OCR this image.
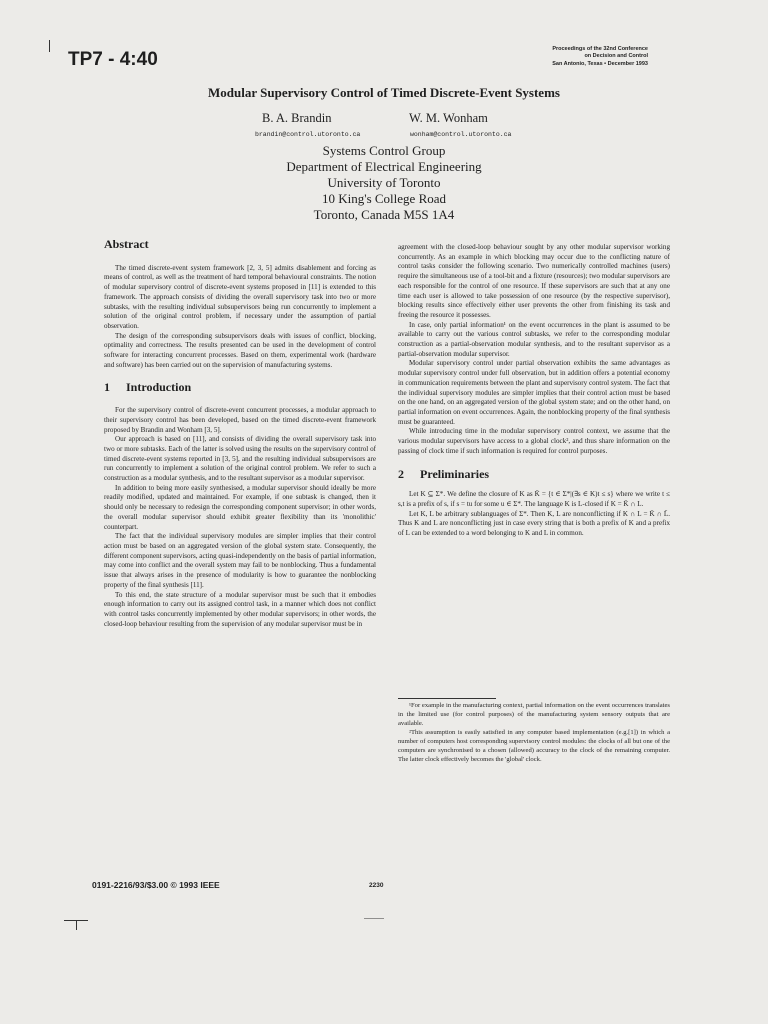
TP7 - 4:40	Proceedings of the 32nd Conference
on Decision and Control
San Antonio, Texas • December 1993
Modular Supervisory Control of Timed Discrete-Event Systems
B. A. Brandin	W. M. Wonham
brandin@control.utoronto.ca	wonham@control.utoronto.ca
Systems Control Group
Department of Electrical Engineering
University of Toronto
10 King's College Road
Toronto, Canada M5S 1A4
Abstract

The timed discrete-event system framework [2, 3, 5] admits disablement and forcing as means of control, as well as the treatment of hard temporal behavioural constraints. The notion of modular supervisory control of discrete-event systems proposed in [11] is extended to this framework. The approach consists of dividing the overall supervisory task into two or more subtasks, with the resulting individual subsupervisors being run concurrently to implement a solution of the original control problem, if necessary under the assumption of partial observation.

The design of the corresponding subsupervisors deals with issues of conflict, blocking, optimality and correctness. The results presented can be used in the development of control software for interacting concurrent processes. Based on them, experimental work (hardware and software) has been carried out on the supervision of manufacturing systems.

1 Introduction

For the supervisory control of discrete-event concurrent processes, a modular approach to their supervisory control has been developed, based on the timed discrete-event framework proposed by Brandin and Wonham [3, 5].

Our approach is based on [11], and consists of dividing the overall supervisory task into two or more subtasks. Each of the latter is solved using the results on the supervisory control of timed discrete-event systems reported in [3, 5], and the resulting individual subsupervisors are run concurrently to implement a solution of the original control problem. We refer to such a construction as a modular synthesis, and to the resultant supervisor as a modular supervisor.

In addition to being more easily synthesised, a modular supervisor should ideally be more readily modified, updated and maintained. For example, if one subtask is changed, then it should only be necessary to redesign the corresponding component supervisor; in other words, the overall modular supervisor should exhibit greater flexibility than its 'monolithic' counterpart.

The fact that the individual supervisory modules are simpler implies that their control action must be based on an aggregated version of the global system state. Consequently, the different component supervisors, acting quasi-independently on the basis of partial information, may come into conflict and the overall system may fail to be nonblocking. Thus a fundamental issue that always arises in the presence of modularity is how to guarantee the nonblocking property of the final synthesis [11].

To this end, the state structure of a modular supervisor must be such that it embodies enough information to carry out its assigned control task, in a manner which does not conflict with control tasks concurrently implemented by other modular supervisors; in other words, the closed-loop behaviour resulting from the supervision of any modular supervisor must be in

agreement with the closed-loop behaviour sought by any other modular supervisor working concurrently. As an example in which blocking may occur due to the conflicting nature of control tasks consider the following scenario. Two numerically controlled machines (users) require the simultaneous use of a tool-bit and a fixture (resources); two modular supervisors are each responsible for the control of one resource. If these supervisors are such that at any one time each user is allowed to take possession of one resource (by the respective supervisor), blocking results since effectively either user prevents the other from finishing its task and freeing the resource it possesses.

In case, only partial information¹ on the event occurrences in the plant is assumed to be available to carry out the various control subtasks, we refer to the corresponding modular construction as a partial-observation modular synthesis, and to the resultant supervisor as a partial-observation modular supervisor.

Modular supervisory control under partial observation exhibits the same advantages as modular supervisory control under full observation, but in addition offers a potential economy in communication requirements between the plant and supervisory control system. The fact that the individual supervisory modules are simpler implies that their control action must be based on the one hand, on an aggregated version of the global system state; and on the other hand, on partial information on event occurrences. Again, the nonblocking property of the final synthesis must be guaranteed.

While introducing time in the modular supervisory control context, we assume that the various modular supervisors have access to a global clock², and thus share information on the passing of clock time if such information is required for control purposes.

2 Preliminaries

Let K ⊆ Σ*. We define the closure of K as K̄ = {t ∈ Σ*|(∃s ∈ K)t ≤ s} where we write t ≤ s,t is a prefix of s, if s = tu for some u ∈ Σ*. The language K is L-closed if K = K̄ ∩ L.

Let K, L be arbitrary sublanguages of Σ*. Then K, L are nonconflicting if K ∩ L = K̄ ∩ L̄. Thus K and L are nonconflicting just in case every string that is both a prefix of K and a prefix of L can be extended to a word belonging to K and L in common.

¹For example in the manufacturing context, partial information on the event occurrences translates in the limited use (for control purposes) of the manufacturing system sensory outputs that are available.

²This assumption is easily satisfied in any computer based implementation (e.g.[1]) in which a number of computers host corresponding supervisory control modules: the clocks of all but one of the computers are synchronised to a chosen (allowed) accuracy to the clock of the remaining computer. The latter clock effectively becomes the 'global' clock.

0191-2216/93/$3.00 © 1993 IEEE	2230
